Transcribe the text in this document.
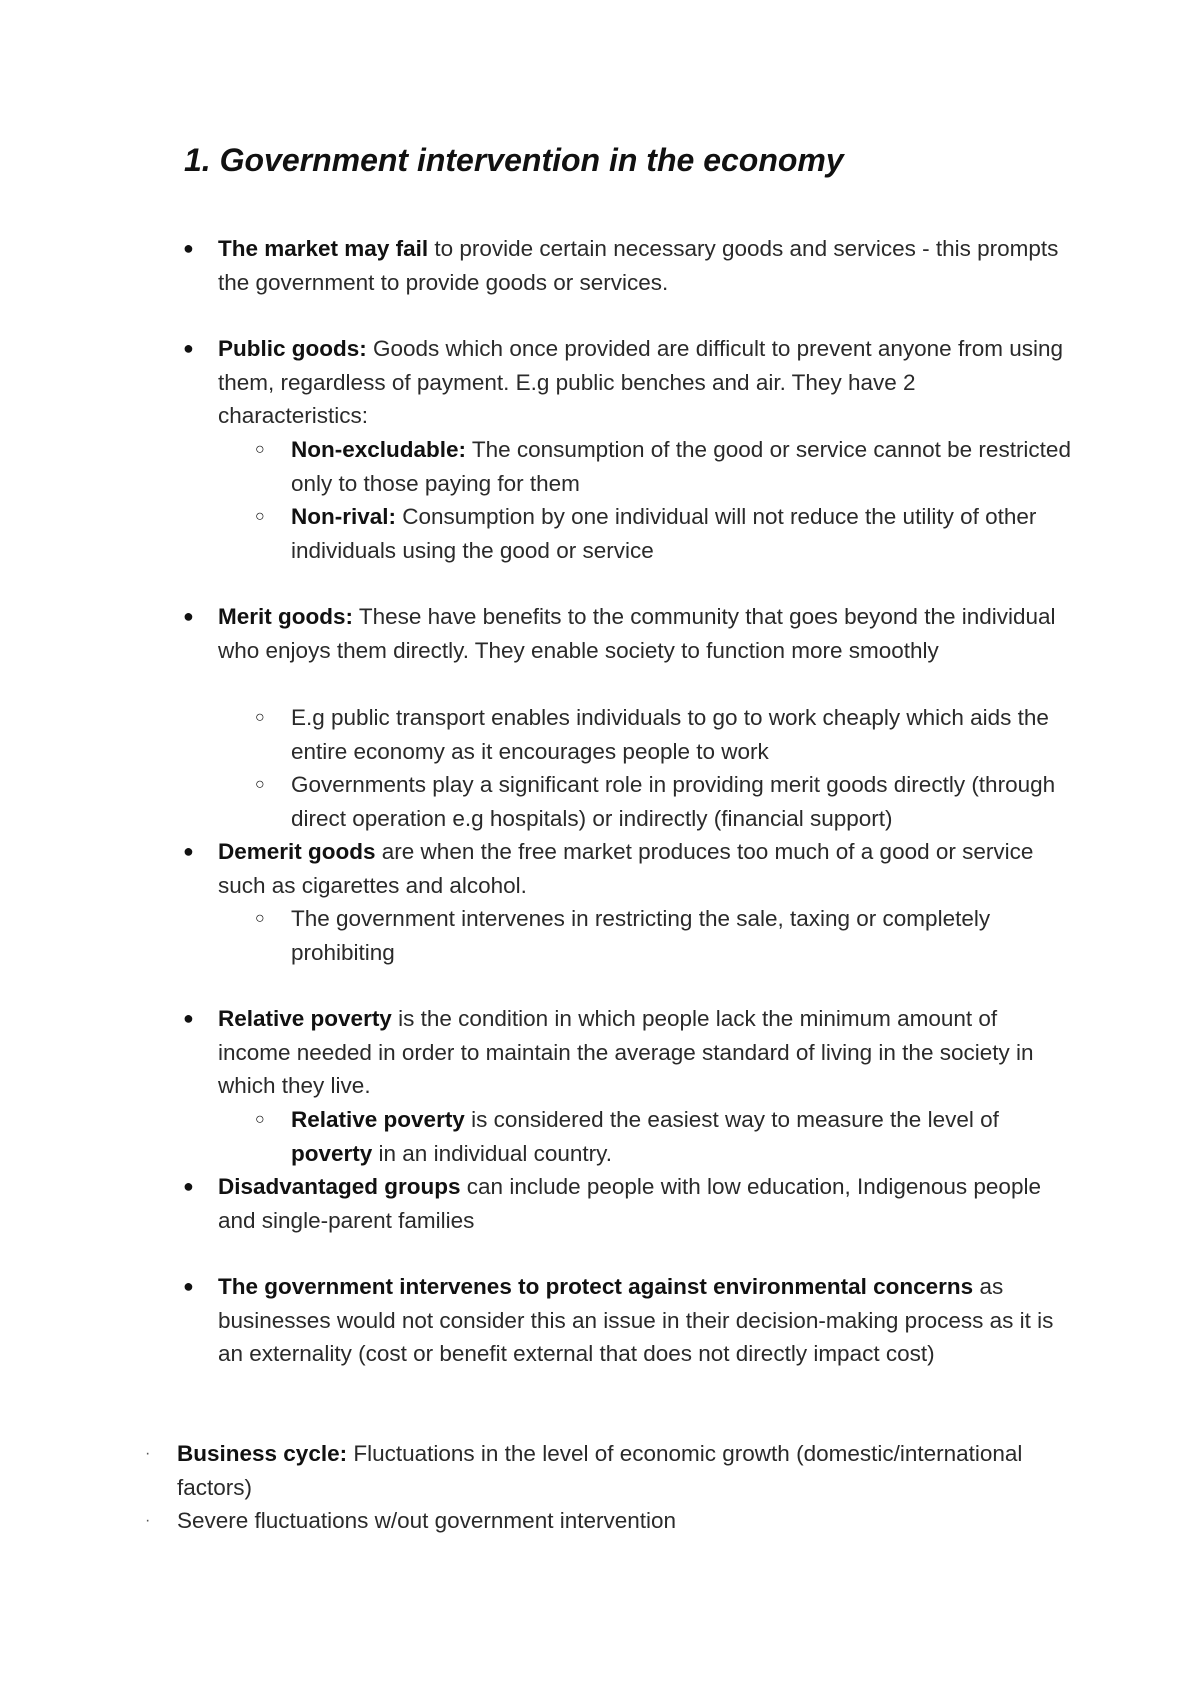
1. Government intervention in the economy
● The market may fail to provide certain necessary goods and services - this prompts the government to provide goods or services.
● Public goods: Goods which once provided are difficult to prevent anyone from using them, regardless of payment. E.g public benches and air. They have 2 characteristics:
○ Non-excludable: The consumption of the good or service cannot be restricted only to those paying for them
○ Non-rival: Consumption by one individual will not reduce the utility of other individuals using the good or service
● Merit goods: These have benefits to the community that goes beyond the individual who enjoys them directly. They enable society to function more smoothly
○ E.g public transport enables individuals to go to work cheaply which aids the entire economy as it encourages people to work
○ Governments play a significant role in providing merit goods directly (through direct operation e.g hospitals) or indirectly (financial support)
● Demerit goods are when the free market produces too much of a good or service such as cigarettes and alcohol.
○ The government intervenes in restricting the sale, taxing or completely prohibiting
● Relative poverty is the condition in which people lack the minimum amount of income needed in order to maintain the average standard of living in the society in which they live.
○ Relative poverty is considered the easiest way to measure the level of poverty in an individual country.
● Disadvantaged groups can include people with low education, Indigenous people and single-parent families
● The government intervenes to protect against environmental concerns as businesses would not consider this an issue in their decision-making process as it is an externality (cost or benefit external that does not directly impact cost)
· Business cycle: Fluctuations in the level of economic growth (domestic/international factors)
· Severe fluctuations w/out government intervention
